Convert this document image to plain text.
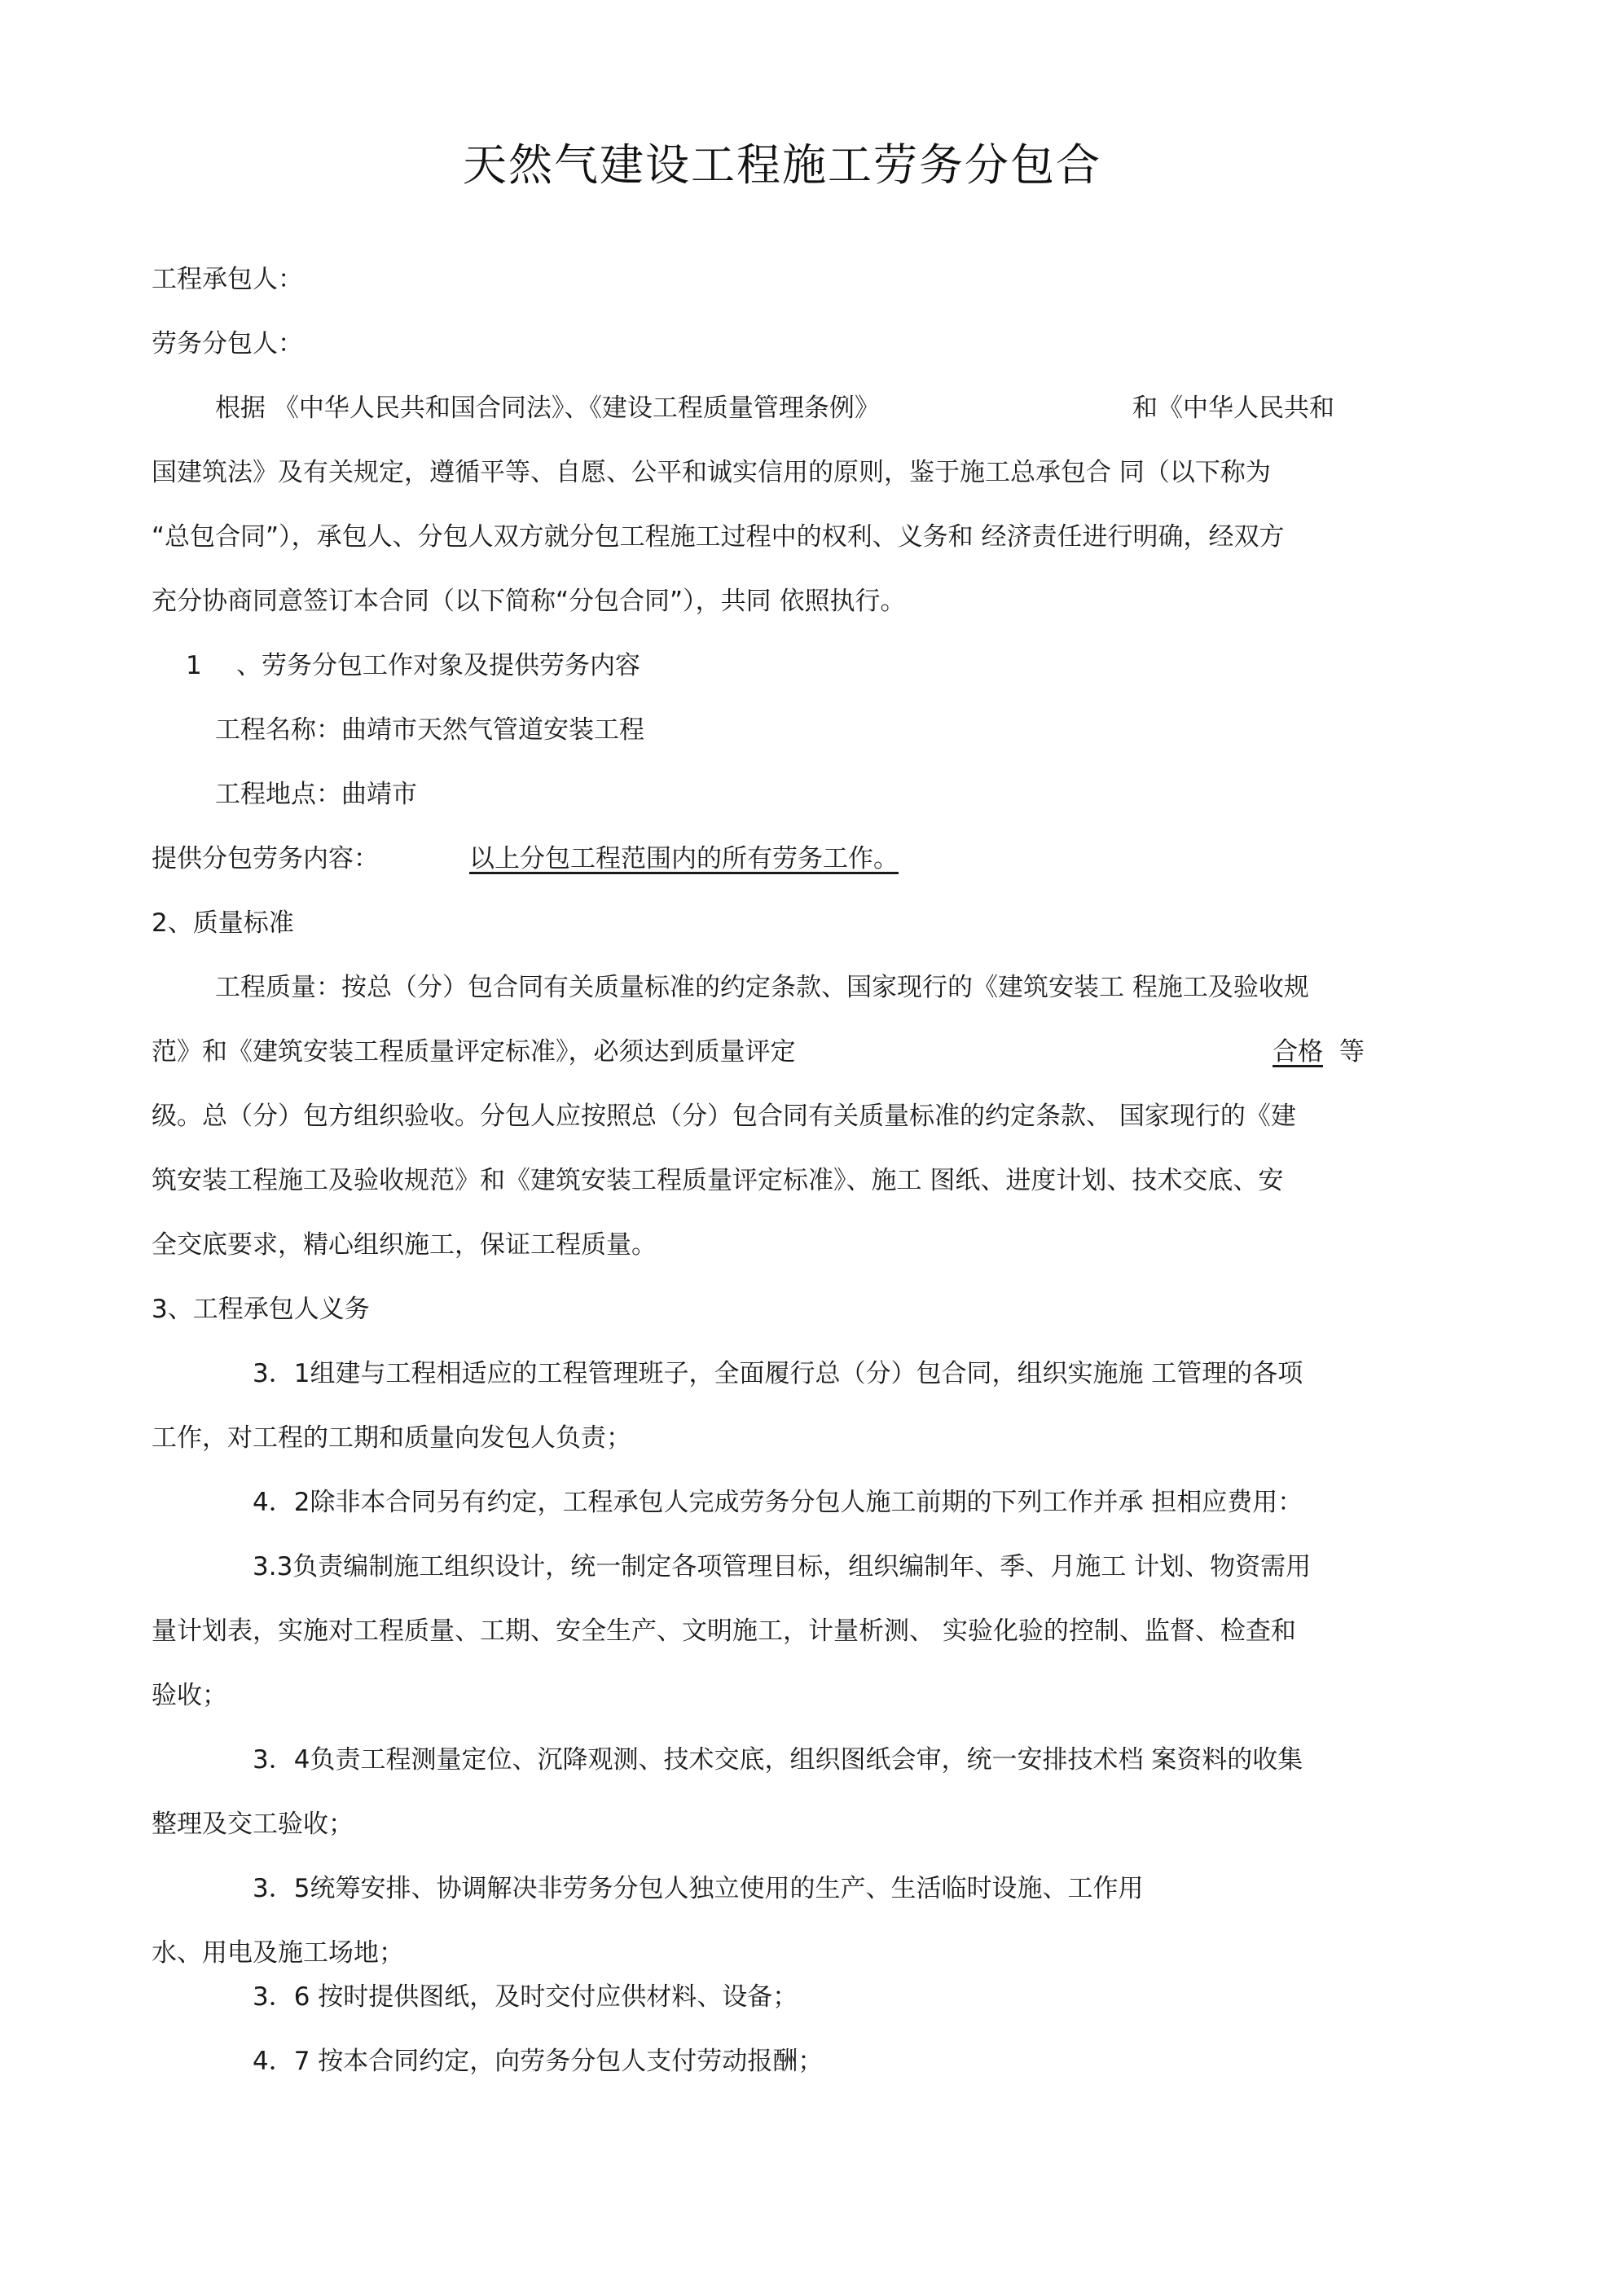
天然气建设工程施工劳务分包合
工程承包人：
劳务分包人：
根据 《中华人民共和国合同法》、《建设工程质量管理条例》	和《中华人民共和
国建筑法》及有关规定，遵循平等、自愿、公平和诚实信用的原则，鉴于施工总承包合 同（以下称为
“总包合同”），承包人、分包人双方就分包工程施工过程中的权利、义务和 经济责任进行明确，经双方
充分协商同意签订本合同（以下简称“分包合同”），共同 依照执行。
1 、劳务分包工作对象及提供劳务内容
工程名称：曲靖市天然气管道安装工程
工程地点：曲靖市
提供分包劳务内容：	以上分包工程范围内的所有劳务工作。
2、质量标准
工程质量：按总（分）包合同有关质量标准的约定条款、国家现行的《建筑安装工 程施工及验收规
范》和《建筑安装工程质量评定标准》，必须达到质量评定	合格 等
级。总（分）包方组织验收。分包人应按照总（分）包合同有关质量标准的约定条款、 国家现行的《建
筑安装工程施工及验收规范》和《建筑安装工程质量评定标准》、施工 图纸、进度计划、技术交底、安
全交底要求，精心组织施工，保证工程质量。
3、工程承包人义务
3．1组建与工程相适应的工程管理班子，全面履行总（分）包合同，组织实施施 工管理的各项
工作，对工程的工期和质量向发包人负责；
4．2除非本合同另有约定，工程承包人完成劳务分包人施工前期的下列工作并承 担相应费用：
3.3负责编制施工组织设计，统一制定各项管理目标，组织编制年、季、月施工 计划、物资需用
量计划表，实施对工程质量、工期、安全生产、文明施工，计量析测、 实验化验的控制、监督、检查和
验收；
3．4负责工程测量定位、沉降观测、技术交底，组织图纸会审，统一安排技术档 案资料的收集
整理及交工验收；
3．5统筹安排、协调解决非劳务分包人独立使用的生产、生活临时设施、工作用
水、用电及施工场地；
3．6 按时提供图纸，及时交付应供材料、设备；
4．7 按本合同约定，向劳务分包人支付劳动报酬；
